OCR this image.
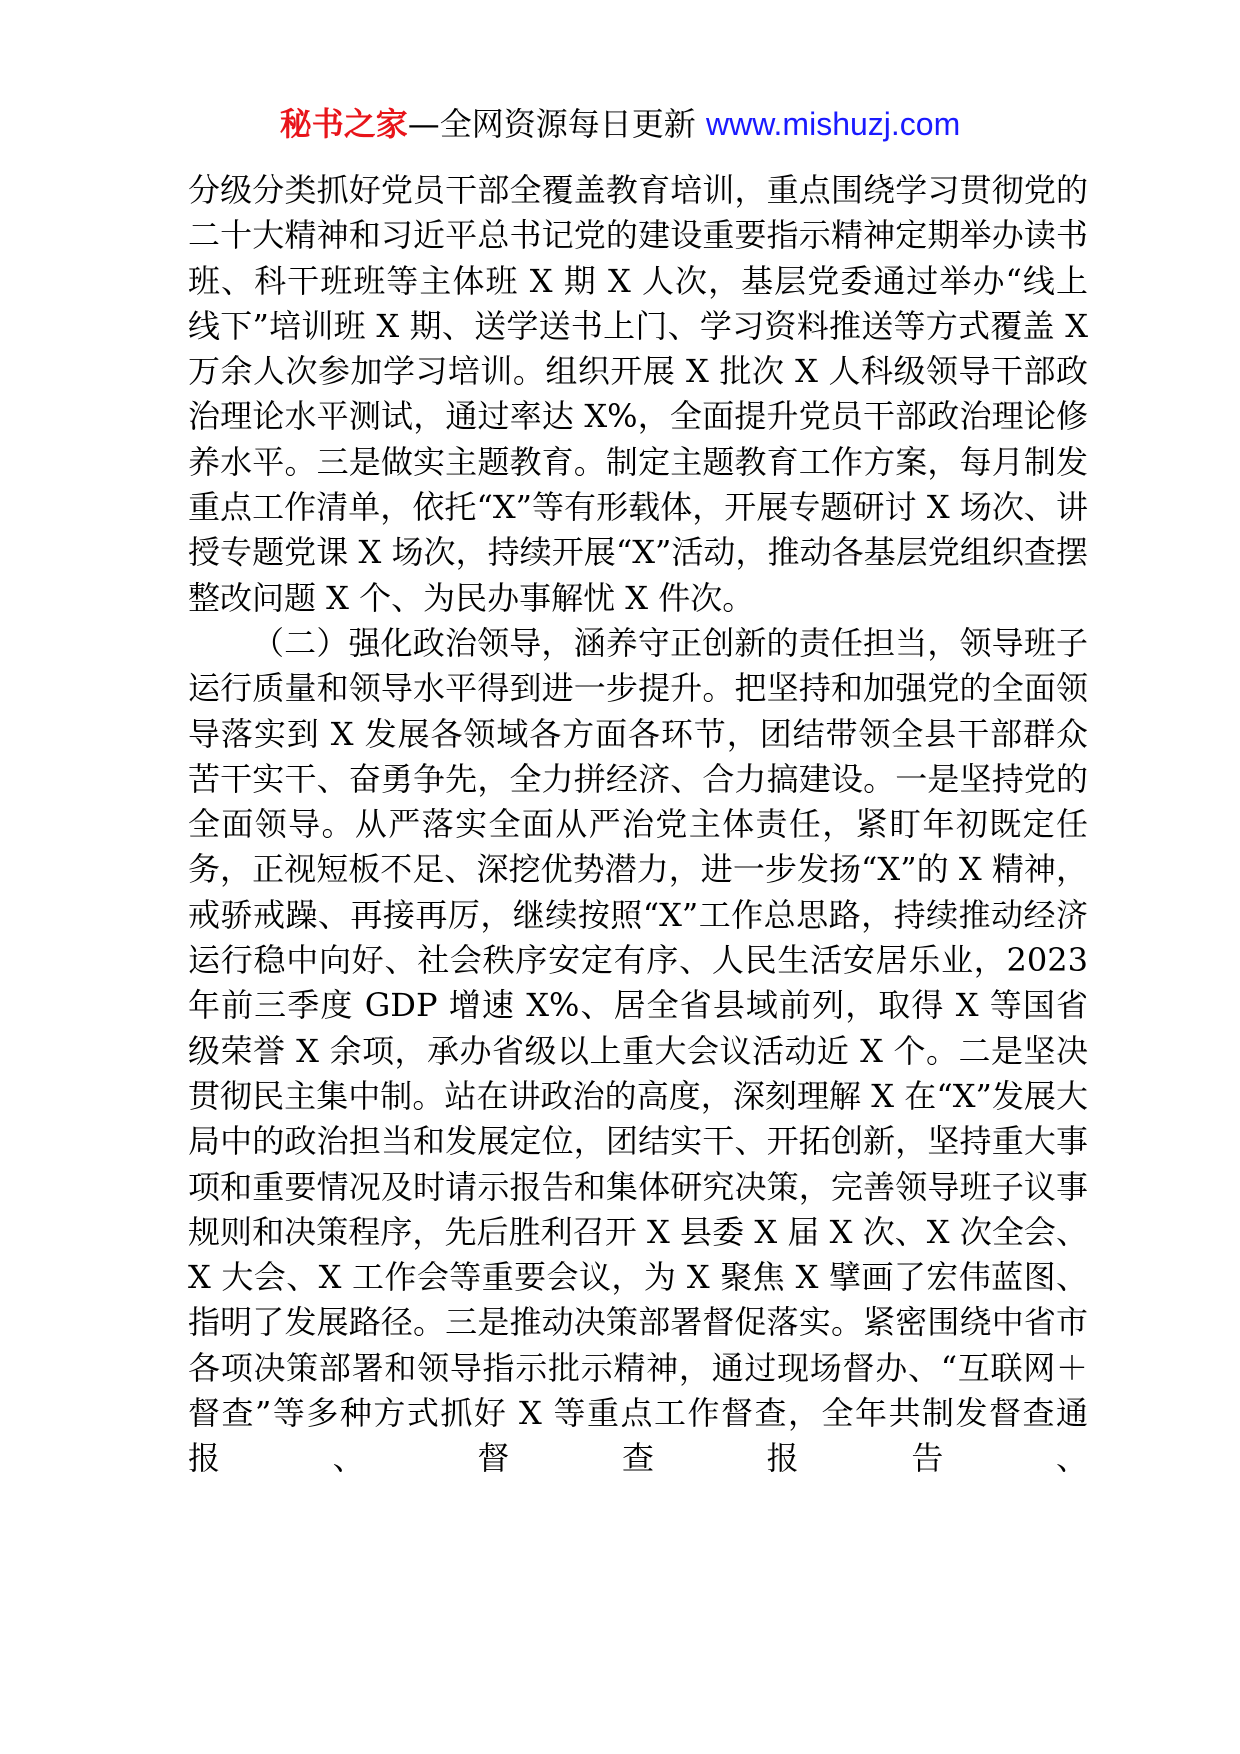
秘书之家—全网资源每日更新 www.mishuzj.com

分级分类抓好党员干部全覆盖教育培训，重点围绕学习贯彻党的二十大精神和习近平总书记党的建设重要指示精神定期举办读书班、科干班班等主体班 X 期 X 人次，基层党委通过举办“线上线下”培训班 X 期、送学送书上门、学习资料推送等方式覆盖 X 万余人次参加学习培训。组织开展 X 批次 X 人科级领导干部政治理论水平测试，通过率达 X%，全面提升党员干部政治理论修养水平。三是做实主题教育。制定主题教育工作方案，每月制发重点工作清单，依托“X”等有形载体，开展专题研讨 X 场次、讲授专题党课 X 场次，持续开展“X”活动，推动各基层党组织查摆整改问题 X 个、为民办事解忧 X 件次。

（二）强化政治领导，涵养守正创新的责任担当，领导班子运行质量和领导水平得到进一步提升。把坚持和加强党的全面领导落实到 X 发展各领域各方面各环节，团结带领全县干部群众苦干实干、奋勇争先，全力拼经济、合力搞建设。一是坚持党的全面领导。从严落实全面从严治党主体责任，紧盯年初既定任务，正视短板不足、深挖优势潜力，进一步发扬“X”的 X 精神，戒骄戒躁、再接再厉，继续按照“X”工作总思路，持续推动经济运行稳中向好、社会秩序安定有序、人民生活安居乐业，2023 年前三季度 GDP 增速 X%、居全省县域前列，取得 X 等国省级荣誉 X 余项，承办省级以上重大会议活动近 X 个。二是坚决贯彻民主集中制。站在讲政治的高度，深刻理解 X 在“X”发展大局中的政治担当和发展定位，团结实干、开拓创新，坚持重大事项和重要情况及时请示报告和集体研究决策，完善领导班子议事规则和决策程序，先后胜利召开 X 县委 X 届 X 次、X 次全会、X 大会、X 工作会等重要会议，为 X 聚焦 X 擘画了宏伟蓝图、指明了发展路径。三是推动决策部署督促落实。紧密围绕中省市各项决策部署和领导指示批示精神，通过现场督办、“互联网＋督查”等多种方式抓好 X 等重点工作督查，全年共制发督查通报、督查报告、
